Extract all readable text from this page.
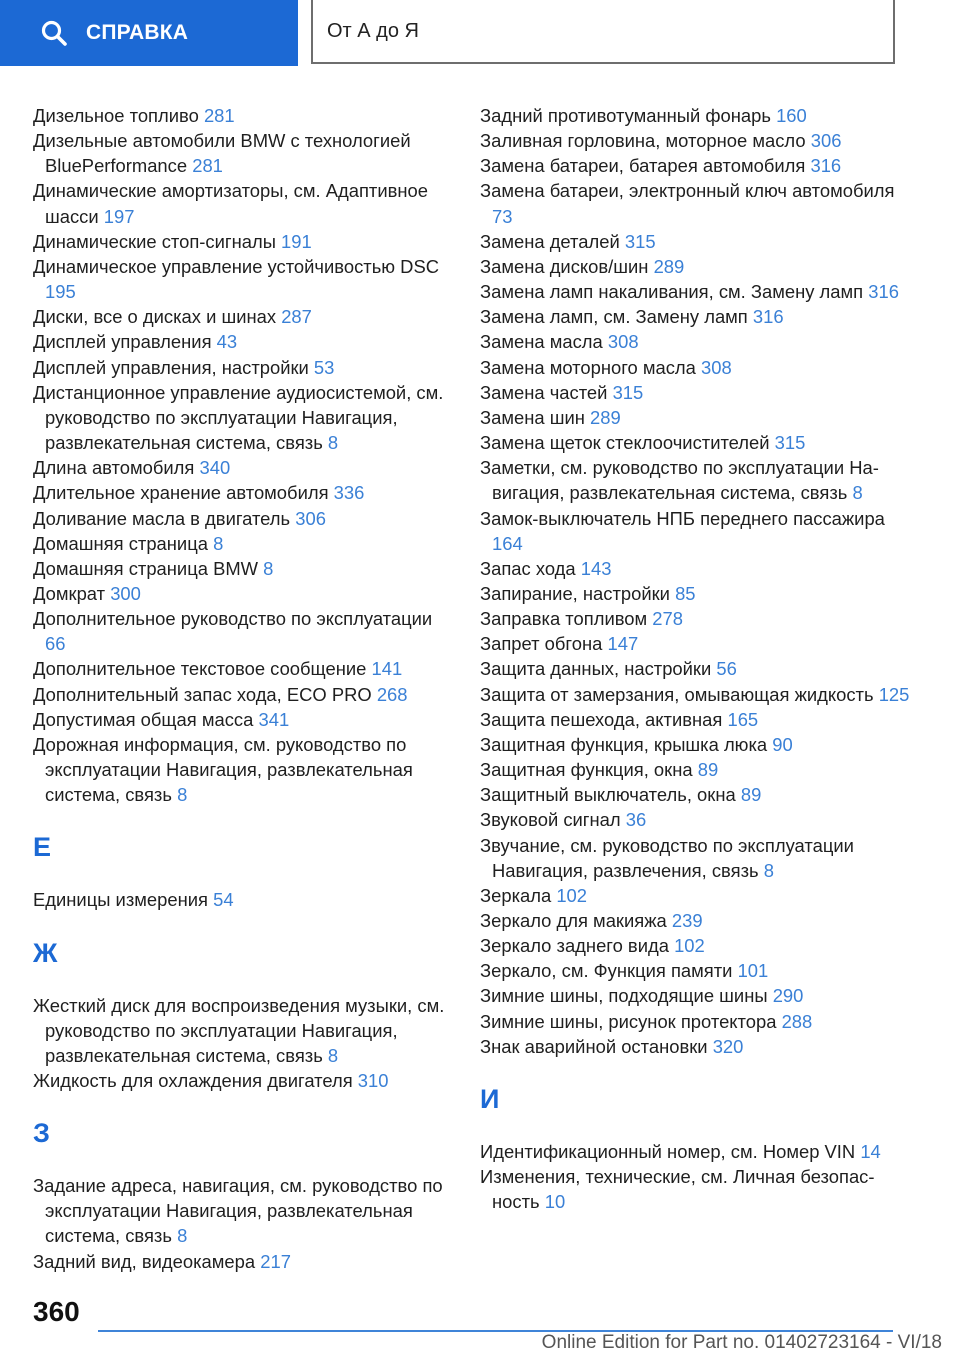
СПРАВКА	От А до Я
Дизельное топливо 281
Дизельные автомобили BMW с технологией BluePerformance 281
Динамические амортизаторы, см. Адаптивное шасси 197
Динамические стоп-сигналы 191
Динамическое управление устойчивостью DSC 195
Диски, все о дисках и шинах 287
Дисплей управления 43
Дисплей управления, настройки 53
Дистанционное управление аудиосистемой, см. руководство по эксплуатации Навигация, развлекательная система, связь 8
Длина автомобиля 340
Длительное хранение автомобиля 336
Доливание масла в двигатель 306
Домашняя страница 8
Домашняя страница BMW 8
Домкрат 300
Дополнительное руководство по эксплуатации 66
Дополнительное текстовое сообщение 141
Дополнительный запас хода, ECO PRO 268
Допустимая общая масса 341
Дорожная информация, см. руководство по эксплуатации Навигация, развлекательная система, связь 8
Е
Единицы измерения 54
Ж
Жесткий диск для воспроизведения музыки, см. руководство по эксплуатации Навигация, развлекательная система, связь 8
Жидкость для охлаждения двигателя 310
З
Задание адреса, навигация, см. руководство по эксплуатации Навигация, развлекательная система, связь 8
Задний вид, видеокамера 217
Задний противотуманный фонарь 160
Заливная горловина, моторное масло 306
Замена батареи, батарея автомобиля 316
Замена батареи, электронный ключ автомобиля 73
Замена деталей 315
Замена дисков/шин 289
Замена ламп накаливания, см. Замену ламп 316
Замена ламп, см. Замену ламп 316
Замена масла 308
Замена моторного масла 308
Замена частей 315
Замена шин 289
Замена щеток стеклоочистителей 315
Заметки, см. руководство по эксплуатации Навигация, развлекательная система, связь 8
Замок-выключатель НПБ переднего пассажира 164
Запас хода 143
Запирание, настройки 85
Заправка топливом 278
Запрет обгона 147
Защита данных, настройки 56
Защита от замерзания, омывающая жидкость 125
Защита пешехода, активная 165
Защитная функция, крышка люка 90
Защитная функция, окна 89
Защитный выключатель, окна 89
Звуковой сигнал 36
Звучание, см. руководство по эксплуатации Навигация, развлечения, связь 8
Зеркала 102
Зеркало для макияжа 239
Зеркало заднего вида 102
Зеркало, см. Функция памяти 101
Зимние шины, подходящие шины 290
Зимние шины, рисунок протектора 288
Знак аварийной остановки 320
И
Идентификационный номер, см. Номер VIN 14
Изменения, технические, см. Личная безопасность 10
360
Online Edition for Part no. 01402723164 - VI/18
